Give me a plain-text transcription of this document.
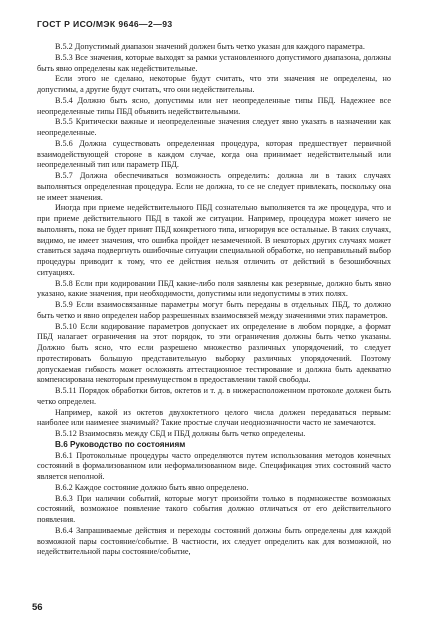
ГОСТ Р ИСО/МЭК 9646—2—93

В.5.2 Допустимый диапазон значений должен быть четко указан для каждого параметра.

В.5.3 Все значения, которые выходят за рамки установленного допустимого диапазона, должны быть явно определены как недействительные.

Если этого не сделано, некоторые будут считать, что эти значения не определены, но допустимы, а другие будут считать, что они недействительны.

В.5.4 Должно быть ясно, допустимы или нет неопределенные типы ПБД. Надежнее все неопределенные типы ПБД объявить недействительными.

В.5.5 Критически важные и неопределенные значения следует явно указать в назначении как неопределенные.

В.5.6 Должна существовать определенная процедура, которая предшествует первичной взаимодействующей стороне в каждом случае, когда она принимает недействительный или неопределенный тип или параметр ПБД.

В.5.7 Должна обеспечиваться возможность определить: должна ли в таких случаях выполняться определенная процедура. Если не должна, то се не следует привлекать, поскольку она не имеет значения.

Иногда при приеме недействительного ПБД сознательно выполняется та же процедура, что и при приеме действительного ПБД в такой же ситуации. Например, процедура может ничего не выполнять, пока не будет принят ПБД конкретного типа, игнорируя все остальные. В таких случаях, видимо, не имеет значения, что ошибка пройдет незамеченной. В некоторых других случаях может ставиться задача подвергнуть ошибочные ситуации специальной обработке, но неправильный выбор процедуры приводит к тому, что ее действия нельзя отличить от действий в безошибочных ситуациях.

В.5.8 Если при кодировании ПБД какие-либо поля заявлены как резервные, должно быть явно указано, какие значения, при необходимости, допустимы или недопустимы в этих полях.

В.5.9 Если взаимосвязанные параметры могут быть переданы в отдельных ПБД, то должно быть четко и явно определен набор разрешенных взаимосвязей между значениями этих параметров.

В.5.10 Если кодирование параметров допускает их определение в любом порядке, а формат ПБД налагает ограничения на этот порядок, то эти ограничения должны быть четко указаны. Должно быть ясно, что если разрешено множество различных упорядочений, то следует протестировать большую представительную выборку различных упорядочений. Поэтому допускаемая гибкость может осложнять аттестационное тестирование и должна быть адекватно компенсирована некоторым преимуществом в предоставлении такой свободы.

В.5.11 Порядок обработки битов, октетов и т. д. в нижерасположенном протоколе должен быть четко определен.

Например, какой из октетов двухоктетного целого числа должен передаваться первым: наиболее или наименее значимый? Такие простые случаи неоднозначности часто не замечаются.

В.5.12 Взаимосвязь между СБД и ПБД должны быть четко определены.

В.6 Руководство по состояниям

В.6.1 Протокольные процедуры часто определяются путем использования методов конечных состояний в формализованном или неформализованном виде. Спецификация этих состояний часто является неполной.

В.6.2 Каждое состояние должно быть явно определено.

В.6.3 При наличии событий, которые могут произойти только в подмножестве возможных состояний, возможное появление такого события должно отличаться от его действительного появления.

В.6.4 Запрашиваемые действия и переходы состояний должны быть определены для каждой возможной пары состояние/событие. В частности, их следует определить как для возможной, но недействительной пары состояние/событие,

56
